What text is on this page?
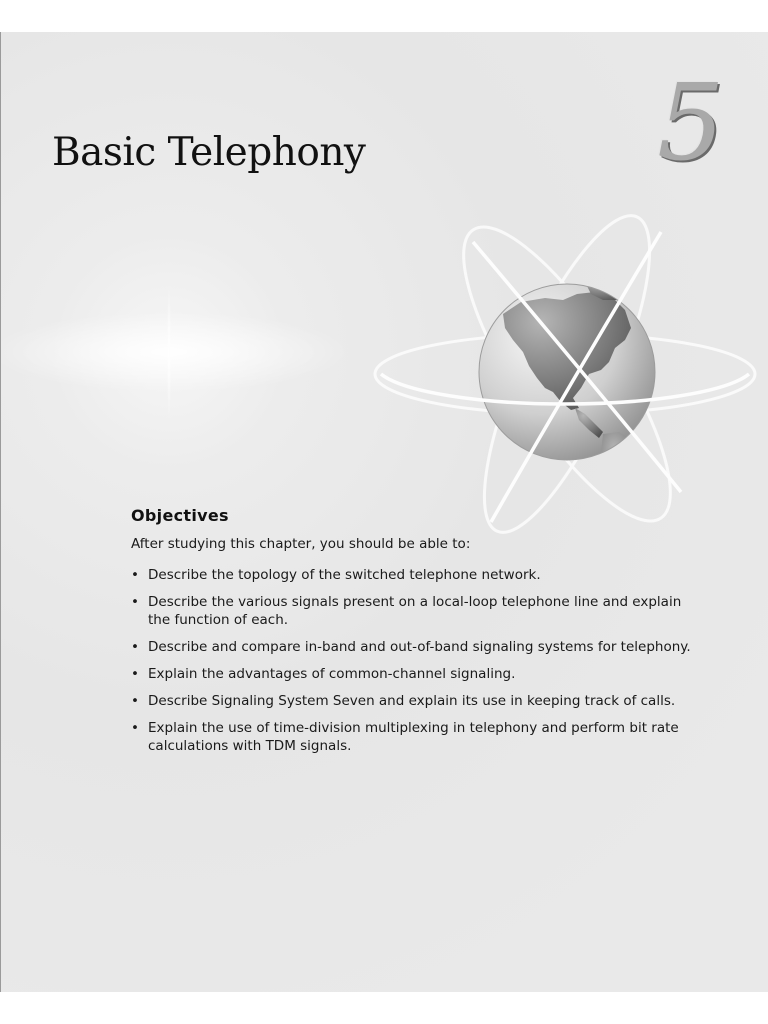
Basic Telephony	5
Objectives

After studying this chapter, you should be able to:

• Describe the topology of the switched telephone network.
• Describe the various signals present on a local-loop telephone line and explain the function of each.
• Describe and compare in-band and out-of-band signaling systems for telephony.
• Explain the advantages of common-channel signaling.
• Describe Signaling System Seven and explain its use in keeping track of calls.
• Explain the use of time-division multiplexing in telephony and perform bit rate calculations with TDM signals.
